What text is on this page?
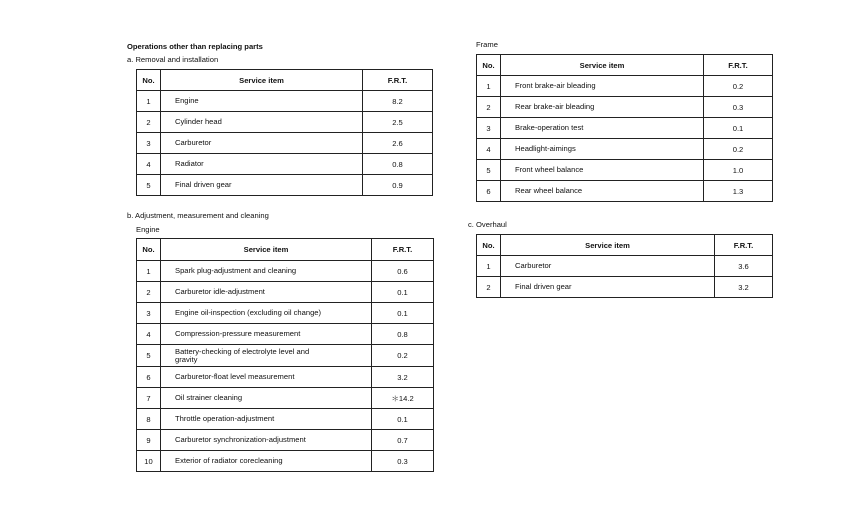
Operations other than replacing parts
a. Removal and installation
b. Adjustment, measurement and cleaning
Engine
Frame
c. Overhaul
No.	Service item	F.R.T.
1	Engine	8.2
2	Cylinder head	2.5
3	Carburetor	2.6
4	Radiator	0.8
5	Final driven gear	0.9
No.	Service item	F.R.T.
1	Spark plug-adjustment and cleaning	0.6
2	Carburetor idle-adjustment	0.1
3	Engine oil-inspection (excluding oil change)	0.1
4	Compression-pressure measurement	0.8
5	Battery-checking of electrolyte level and gravity	0.2
6	Carburetor-float level measurement	3.2
7	Oil strainer cleaning	＊14.2
8	Throttle operation-adjustment	0.1
9	Carburetor synchronization-adjustment	0.7
10	Exterior of radiator corecleaning	0.3
No.	Service item	F.R.T.
1	Front brake-air bleading	0.2
2	Rear brake-air bleading	0.3
3	Brake-operation test	0.1
4	Headlight-aimings	0.2
5	Front wheel balance	1.0
6	Rear wheel balance	1.3
No.	Service item	F.R.T.
1	Carburetor	3.6
2	Final driven gear	3.2
